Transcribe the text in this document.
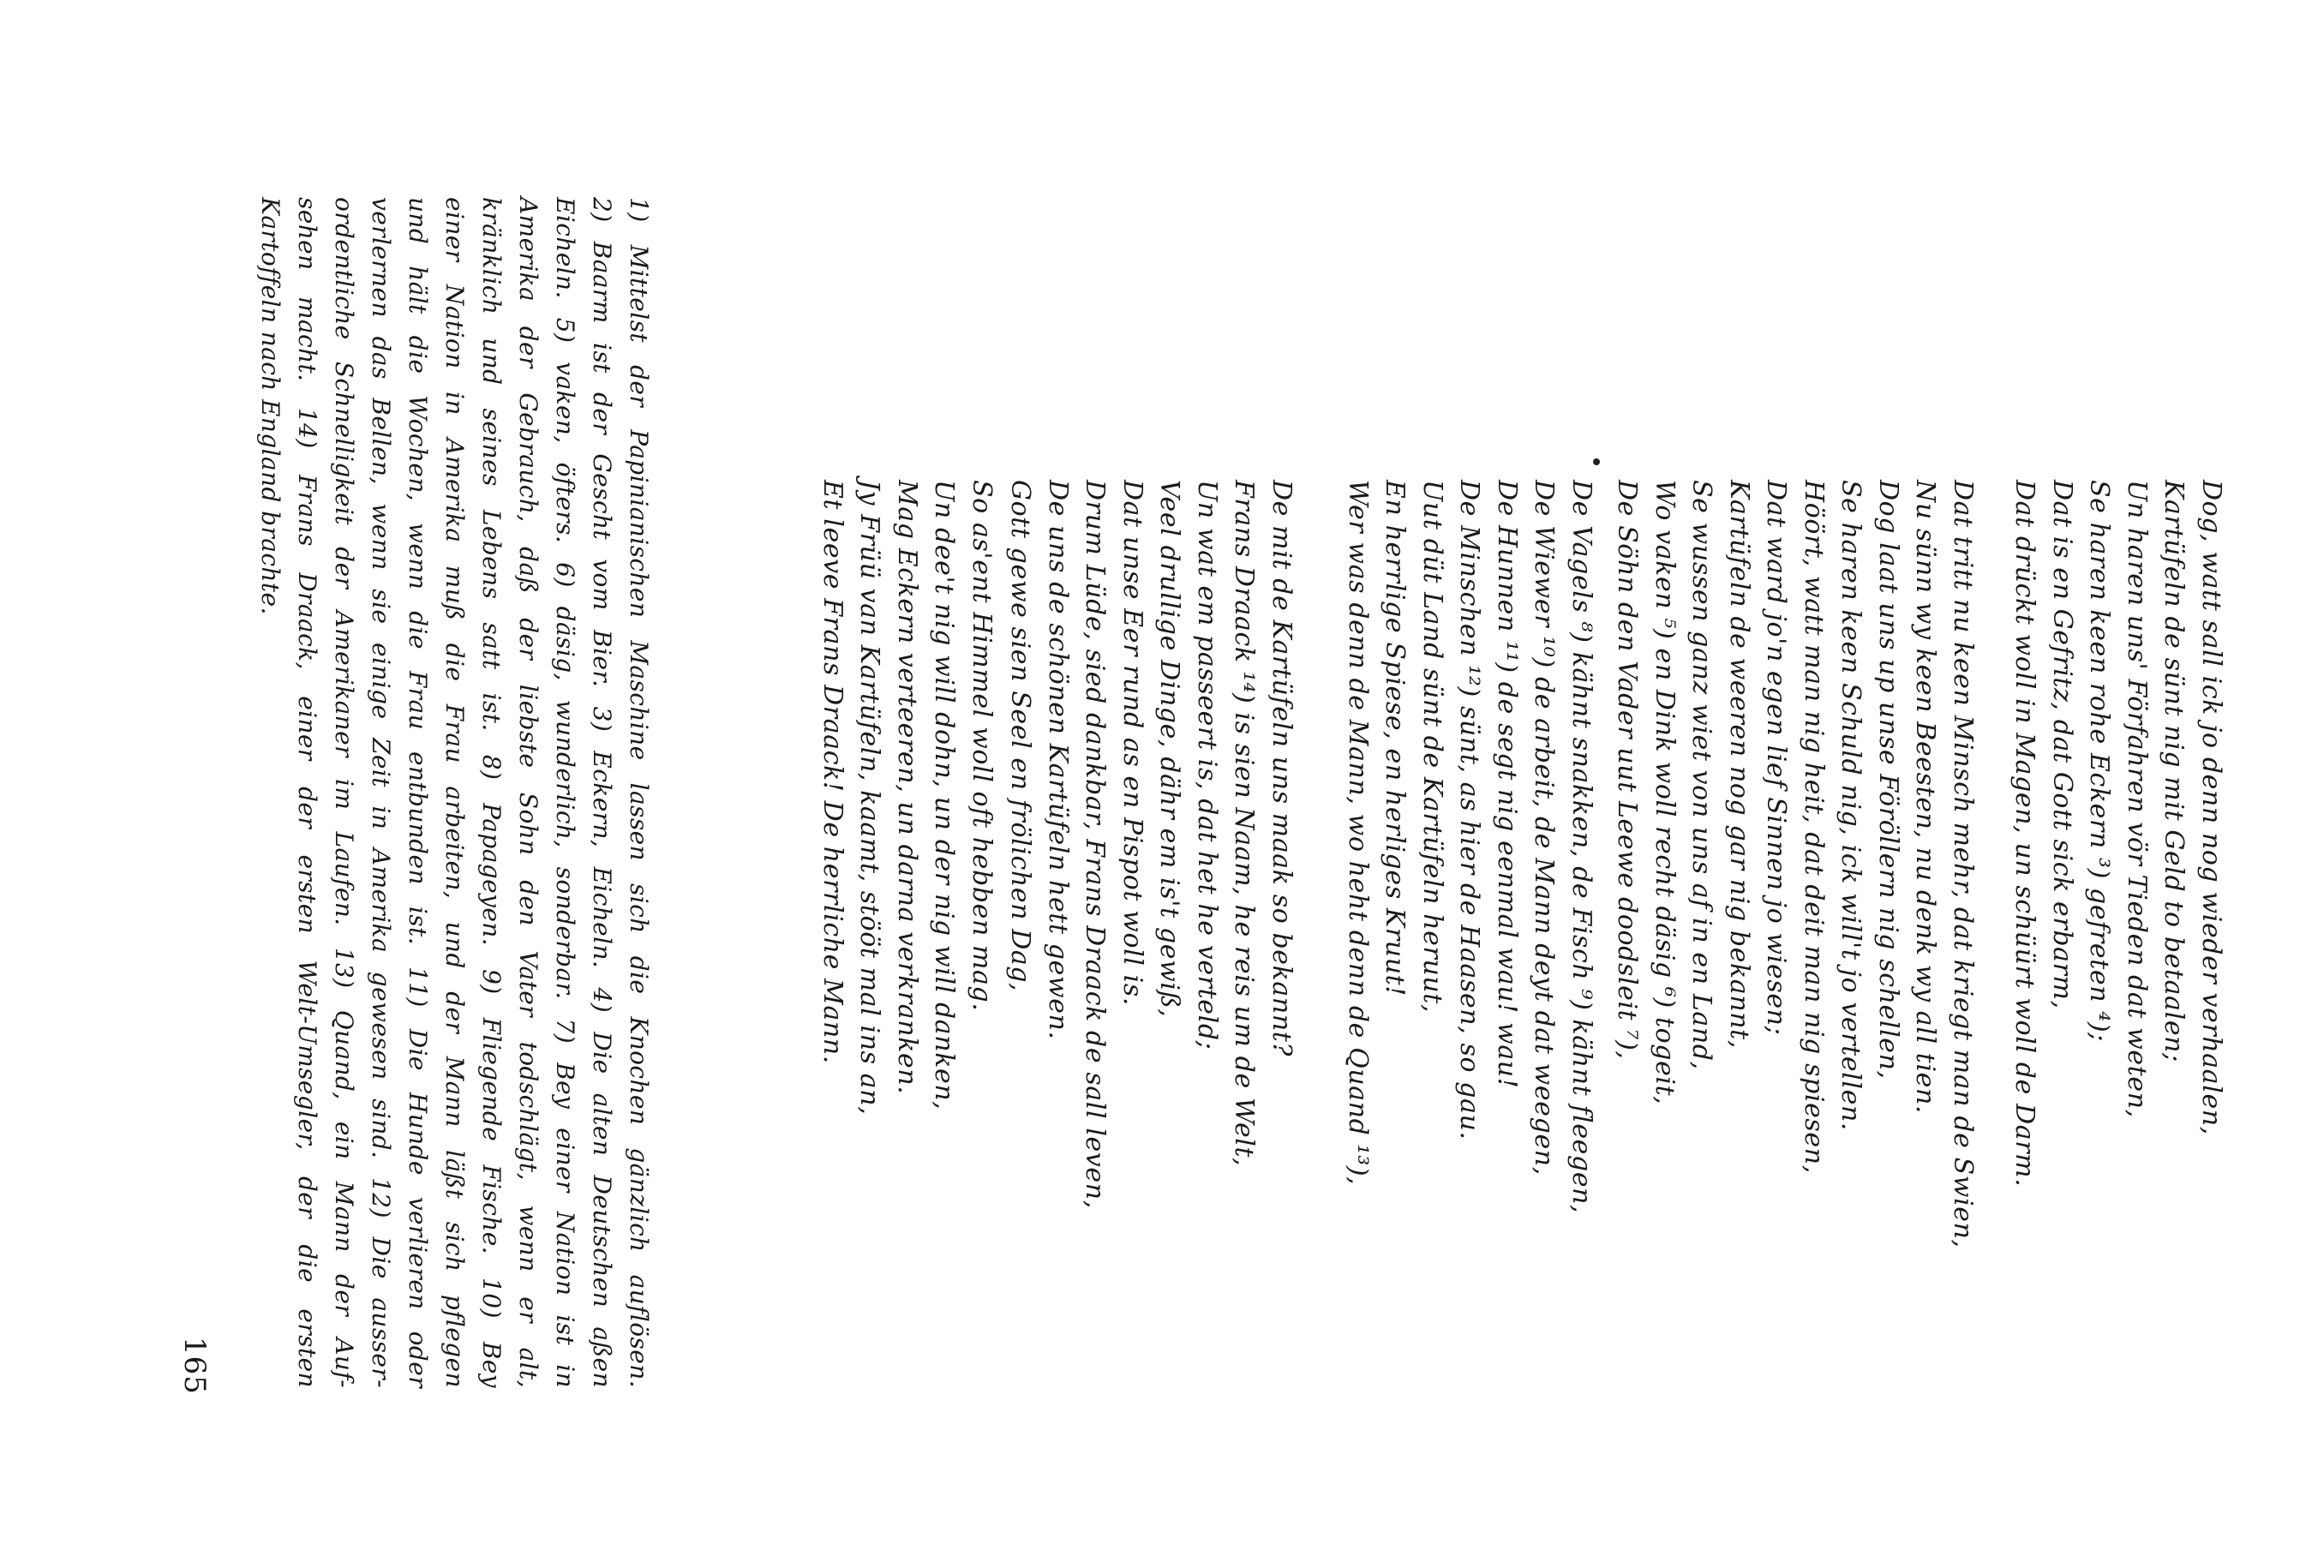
Dog, watt sall ick jo denn nog wieder verhaalen,
Kartüfeln de sünt nig mit Geld to betaalen;
Un haren uns' Förfahren vör Tieden dat weten,
Se haren keen rohe Eckern ³) gefreten ⁴);
Dat is en Gefritz, dat Gott sick erbarm,
Dat drückt woll in Magen, un schüürt woll de Darm.
Dat tritt nu keen Minsch mehr, dat kriegt man de Swien,
Nu sünn wy keen Beesten, nu denk wy all tien.
Dog laat uns up unse Föröllern nig schellen,
Se haren keen Schuld nig, ick will't jo vertellen.
Höört, watt man nig heit, dat deit man nig spiesen,
Dat ward jo'n egen lief Sinnen jo wiesen;
Kartüfeln de weeren nog gar nig bekannt,
Se wussen ganz wiet von uns af in en Land,
Wo vaken ⁵) en Dink woll recht däsig ⁶) togeit,
De Söhn den Vader uut Leewe doodsleit ⁷),
De Vagels ⁸) kähnt snakken, de Fisch ⁹) kähnt fleegen,
De Wiewer ¹⁰) de arbeit, de Mann deyt dat weegen,
De Hunnen ¹¹) de segt nig eenmal wau! wau!
De Minschen ¹²) sünt, as hier de Haasen, so gau.
Uut düt Land sünt de Kartüfeln heruut,
En herrlige Spiese, en herliges Kruut!
Wer was denn de Mann, wo heht denn de Quand ¹³),
De mit de Kartüfeln uns maak so bekannt?
Frans Draack ¹⁴) is sien Naam, he reis um de Welt,
Un wat em passeert is, dat het he verteld;
Veel drullige Dinge, dähr em is't gewiß,
Dat unse Eer rund as en Pispot woll is.
Drum Lüde, sied dankbar, Frans Draack de sall leven,
De uns de schönen Kartüfeln hett gewen.
Gott gewe sien Seel en frölichen Dag,
So as'ent Himmel woll oft hebben mag.
Un dee't nig will dohn, un der nig will danken,
Mag Eckern verteeren, un darna verkranken.
Jy Früü van Kartüfeln, kaamt, stööt mal ins an,
Et leeve Frans Draack! De herrliche Mann.
1) Mittelst der Papinianischen Maschine lassen sich die Knochen gänzlich auflösen.
2) Baarm ist der Gescht vom Bier. 3) Eckern, Eicheln. 4) Die alten Deutschen aßen
Eicheln. 5) vaken, öfters. 6) däsig, wunderlich, sonderbar. 7) Bey einer Nation ist in
Amerika der Gebrauch, daß der liebste Sohn den Vater todschlägt, wenn er alt,
kränklich und seines Lebens satt ist. 8) Papageyen. 9) Fliegende Fische. 10) Bey
einer Nation in Amerika muß die Frau arbeiten, und der Mann läßt sich pflegen
und hält die Wochen, wenn die Frau entbunden ist. 11) Die Hunde verlieren oder
verlernen das Bellen, wenn sie einige Zeit in Amerika gewesen sind. 12) Die ausser-
ordentliche Schnelligkeit der Amerikaner im Laufen. 13) Quand, ein Mann der Auf-
sehen macht. 14) Frans Draack, einer der ersten Welt-Umsegler, der die ersten
Kartoffeln nach England brachte.
165
